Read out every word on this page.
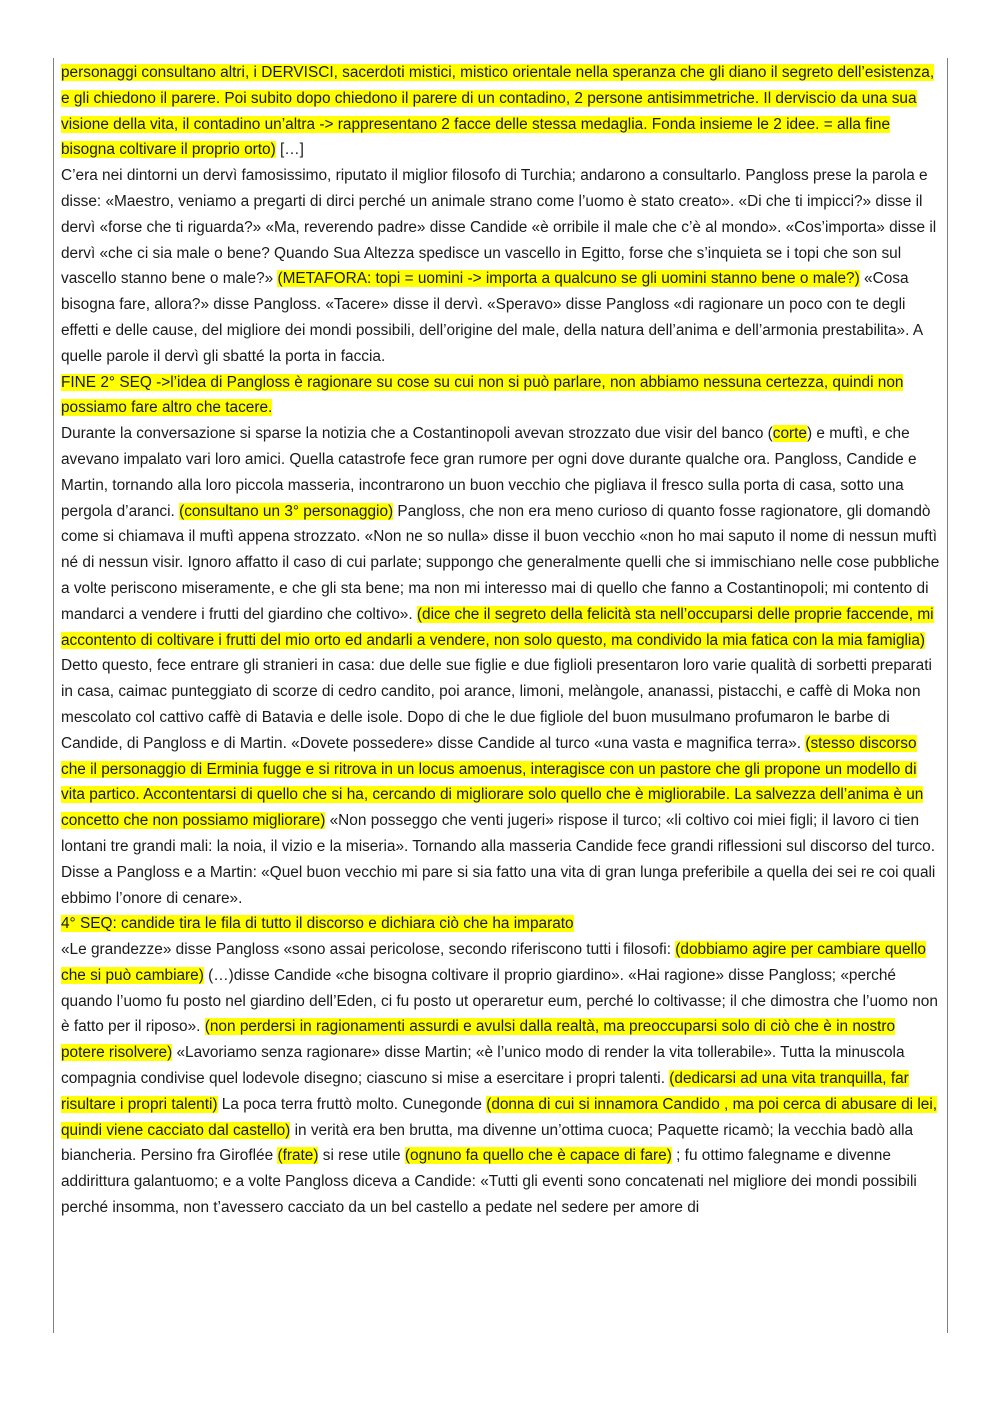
personaggi consultano altri, i DERVISCI, sacerdoti mistici, mistico orientale nella speranza che gli diano il segreto dell’esistenza, e gli chiedono il parere. Poi subito dopo chiedono il parere di un contadino, 2 persone antisimmetriche. Il derviscio da una sua visione della vita, il contadino un’altra -> rappresentano 2 facce delle stessa medaglia. Fonda insieme le 2 idee. = alla fine bisogna coltivare il proprio orto) […]

C’era nei dintorni un dervì famosissimo, riputato il miglior filosofo di Turchia; andarono a consultarlo. Pangloss prese la parola e disse: «Maestro, veniamo a pregarti di dirci perché un animale strano come l’uomo è stato creato». «Di che ti impicci?» disse il dervì «forse che ti riguarda?» «Ma, reverendo padre» disse Candide «è orribile il male che c’è al mondo». «Cos’importa» disse il dervì «che ci sia male o bene? Quando Sua Altezza spedisce un vascello in Egitto, forse che s’inquieta se i topi che son sul vascello stanno bene o male?» (METAFORA: topi = uomini -> importa a qualcuno se gli uomini stanno bene o male?) «Cosa bisogna fare, allora?» disse Pangloss. «Tacere» disse il dervì. «Speravo» disse Pangloss «di ragionare un poco con te degli effetti e delle cause, del migliore dei mondi possibili, dell’origine del male, della natura dell’anima e dell’armonia prestabilita». A quelle parole il dervì gli sbatté la porta in faccia.

FINE 2° SEQ ->l’idea di Pangloss è ragionare su cose su cui non si può parlare, non abbiamo nessuna certezza, quindi non possiamo fare altro che tacere.

Durante la conversazione si sparse la notizia che a Costantinopoli avevan strozzato due visir del banco (corte) e muftì, e che avevano impalato vari loro amici. Quella catastrofe fece gran rumore per ogni dove durante qualche ora. Pangloss, Candide e Martin, tornando alla loro piccola masseria, incontrarono un buon vecchio che pigliava il fresco sulla porta di casa, sotto una pergola d’aranci. (consultano un 3° personaggio) Pangloss, che non era meno curioso di quanto fosse ragionatore, gli domandò come si chiamava il muftì appena strozzato. «Non ne so nulla» disse il buon vecchio «non ho mai saputo il nome di nessun muftì né di nessun visir. Ignoro affatto il caso di cui parlate; suppongo che generalmente quelli che si immischiano nelle cose pubbliche a volte periscono miseramente, e che gli sta bene; ma non mi interesso mai di quello che fanno a Costantinopoli; mi contento di mandarci a vendere i frutti del giardino che coltivo». (dice che il segreto della felicità sta nell’occuparsi delle proprie faccende, mi accontento di coltivare i frutti del mio orto ed andarli a vendere, non solo questo, ma condivido la mia fatica con la mia famiglia) Detto questo, fece entrare gli stranieri in casa: due delle sue figlie e due figlioli presentaron loro varie qualità di sorbetti preparati in casa, caimac punteggiato di scorze di cedro candito, poi arance, limoni, melàngole, ananassi, pistacchi, e caffè di Moka non mescolato col cattivo caffè di Batavia e delle isole. Dopo di che le due figliole del buon musulmano profumaron le barbe di Candide, di Pangloss e di Martin. «Dovete possedere» disse Candide al turco «una vasta e magnifica terra». (stesso discorso che il personaggio di Erminia fugge e si ritrova in un locus amoenus, interagisce con un pastore che gli propone un modello di vita partico. Accontentarsi di quello che si ha, cercando di migliorare solo quello che è migliorabile. La salvezza dell’anima è un concetto che non possiamo migliorare) «Non posseggo che venti jugeri» rispose il turco; «li coltivo coi miei figli; il lavoro ci tien lontani tre grandi mali: la noia, il vizio e la miseria». Tornando alla masseria Candide fece grandi riflessioni sul discorso del turco. Disse a Pangloss e a Martin: «Quel buon vecchio mi pare si sia fatto una vita di gran lunga preferibile a quella dei sei re coi quali ebbimo l’onore di cenare».

4° SEQ: candide tira le fila di tutto il discorso e dichiara ciò che ha imparato

«Le grandezze» disse Pangloss «sono assai pericolose, secondo riferiscono tutti i filosofi: (dobbiamo agire per cambiare quello che si può cambiare) (…)disse Candide «che bisogna coltivare il proprio giardino». «Hai ragione» disse Pangloss; «perché quando l’uomo fu posto nel giardino dell’Eden, ci fu posto ut operaretur eum, perché lo coltivasse; il che dimostra che l’uomo non è fatto per il riposo». (non perdersi in ragionamenti assurdi e avulsi dalla realtà, ma preoccuparsi solo di ciò che è in nostro potere risolvere) «Lavoriamo senza ragionare» disse Martin; «è l’unico modo di render la vita tollerabile». Tutta la minuscola compagnia condivise quel lodevole disegno; ciascuno si mise a esercitare i propri talenti. (dedicarsi ad una vita tranquilla, far risultare i propri talenti) La poca terra fruttò molto. Cunegonde (donna di cui si innamora Candido , ma poi cerca di abusare di lei, quindi viene cacciato dal castello) in verità era ben brutta, ma divenne un’ottima cuoca; Paquette ricamò; la vecchia badò alla biancheria. Persino fra Giroflée (frate) si rese utile (ognuno fa quello che è capace di fare) ; fu ottimo falegname e divenne addirittura galantuomo; e a volte Pangloss diceva a Candide: «Tutti gli eventi sono concatenati nel migliore dei mondi possibili perché insomma, non t’avessero cacciato da un bel castello a pedate nel sedere per amore di
